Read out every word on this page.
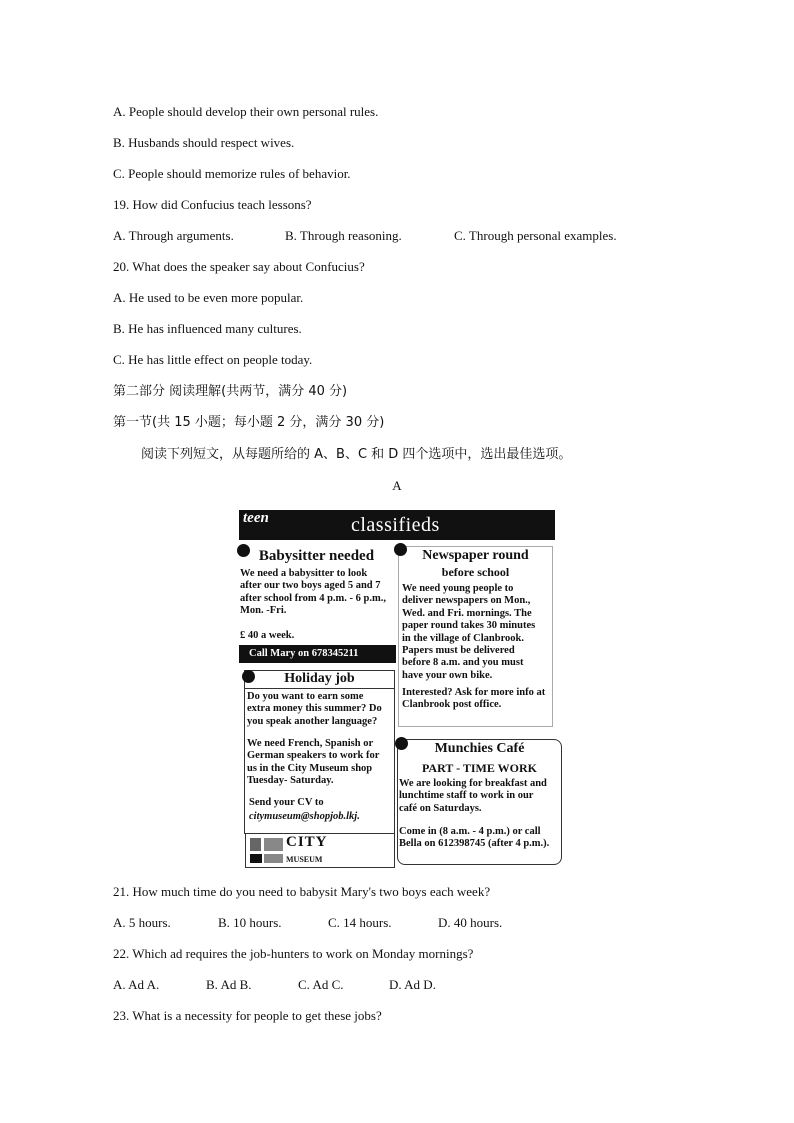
A. People should develop their own personal rules.
B. Husbands should respect wives.
C. People should memorize rules of behavior.
19. How did Confucius teach lessons?
A. Through arguments.	B. Through reasoning.	C. Through personal examples.
20. What does the speaker say about Confucius?
A. He used to be even more popular.
B. He has influenced many cultures.
C. He has little effect on people today.
第二部分 阅读理解(共两节，满分 40 分)
第一节(共 15 小题；每小题 2 分，满分 30 分)
阅读下列短文，从每题所给的 A、B、C 和 D 四个选项中，选出最佳选项。
A
teen	classifieds
Babysitter needed
We need a babysitter to look
after our two boys aged 5 and 7
after school from 4 p.m. - 6 p.m.,
Mon. -Fri.
£ 40 a week.
Call Mary on 678345211
Newspaper round
before school
We need young people to
deliver newspapers on Mon.,
Wed. and Fri. mornings. The
paper round takes 30 minutes
in the village of Clanbrook.
Papers must be delivered
before 8 a.m. and you must
have your own bike.
Interested? Ask for more info at
Clanbrook post office.
Holiday job
Do you want to earn some
extra money this summer? Do
you speak another language?
We need French, Spanish or
German speakers to work for
us in the City Museum shop
Tuesday- Saturday.
Send your CV to
citymuseum@shopjob.lkj.
CITY
MUSEUM
Munchies Café
PART - TIME WORK
We are looking for breakfast and
lunchtime staff to work in our
café on Saturdays.
Come in (8 a.m. - 4 p.m.) or call
Bella on 612398745 (after 4 p.m.).
21. How much time do you need to babysit Mary's two boys each week?
A. 5 hours.	B. 10 hours.	C. 14 hours.	D. 40 hours.
22. Which ad requires the job-hunters to work on Monday mornings?
A. Ad A.	B. Ad B.	C. Ad C.	D. Ad D.
23. What is a necessity for people to get these jobs?
